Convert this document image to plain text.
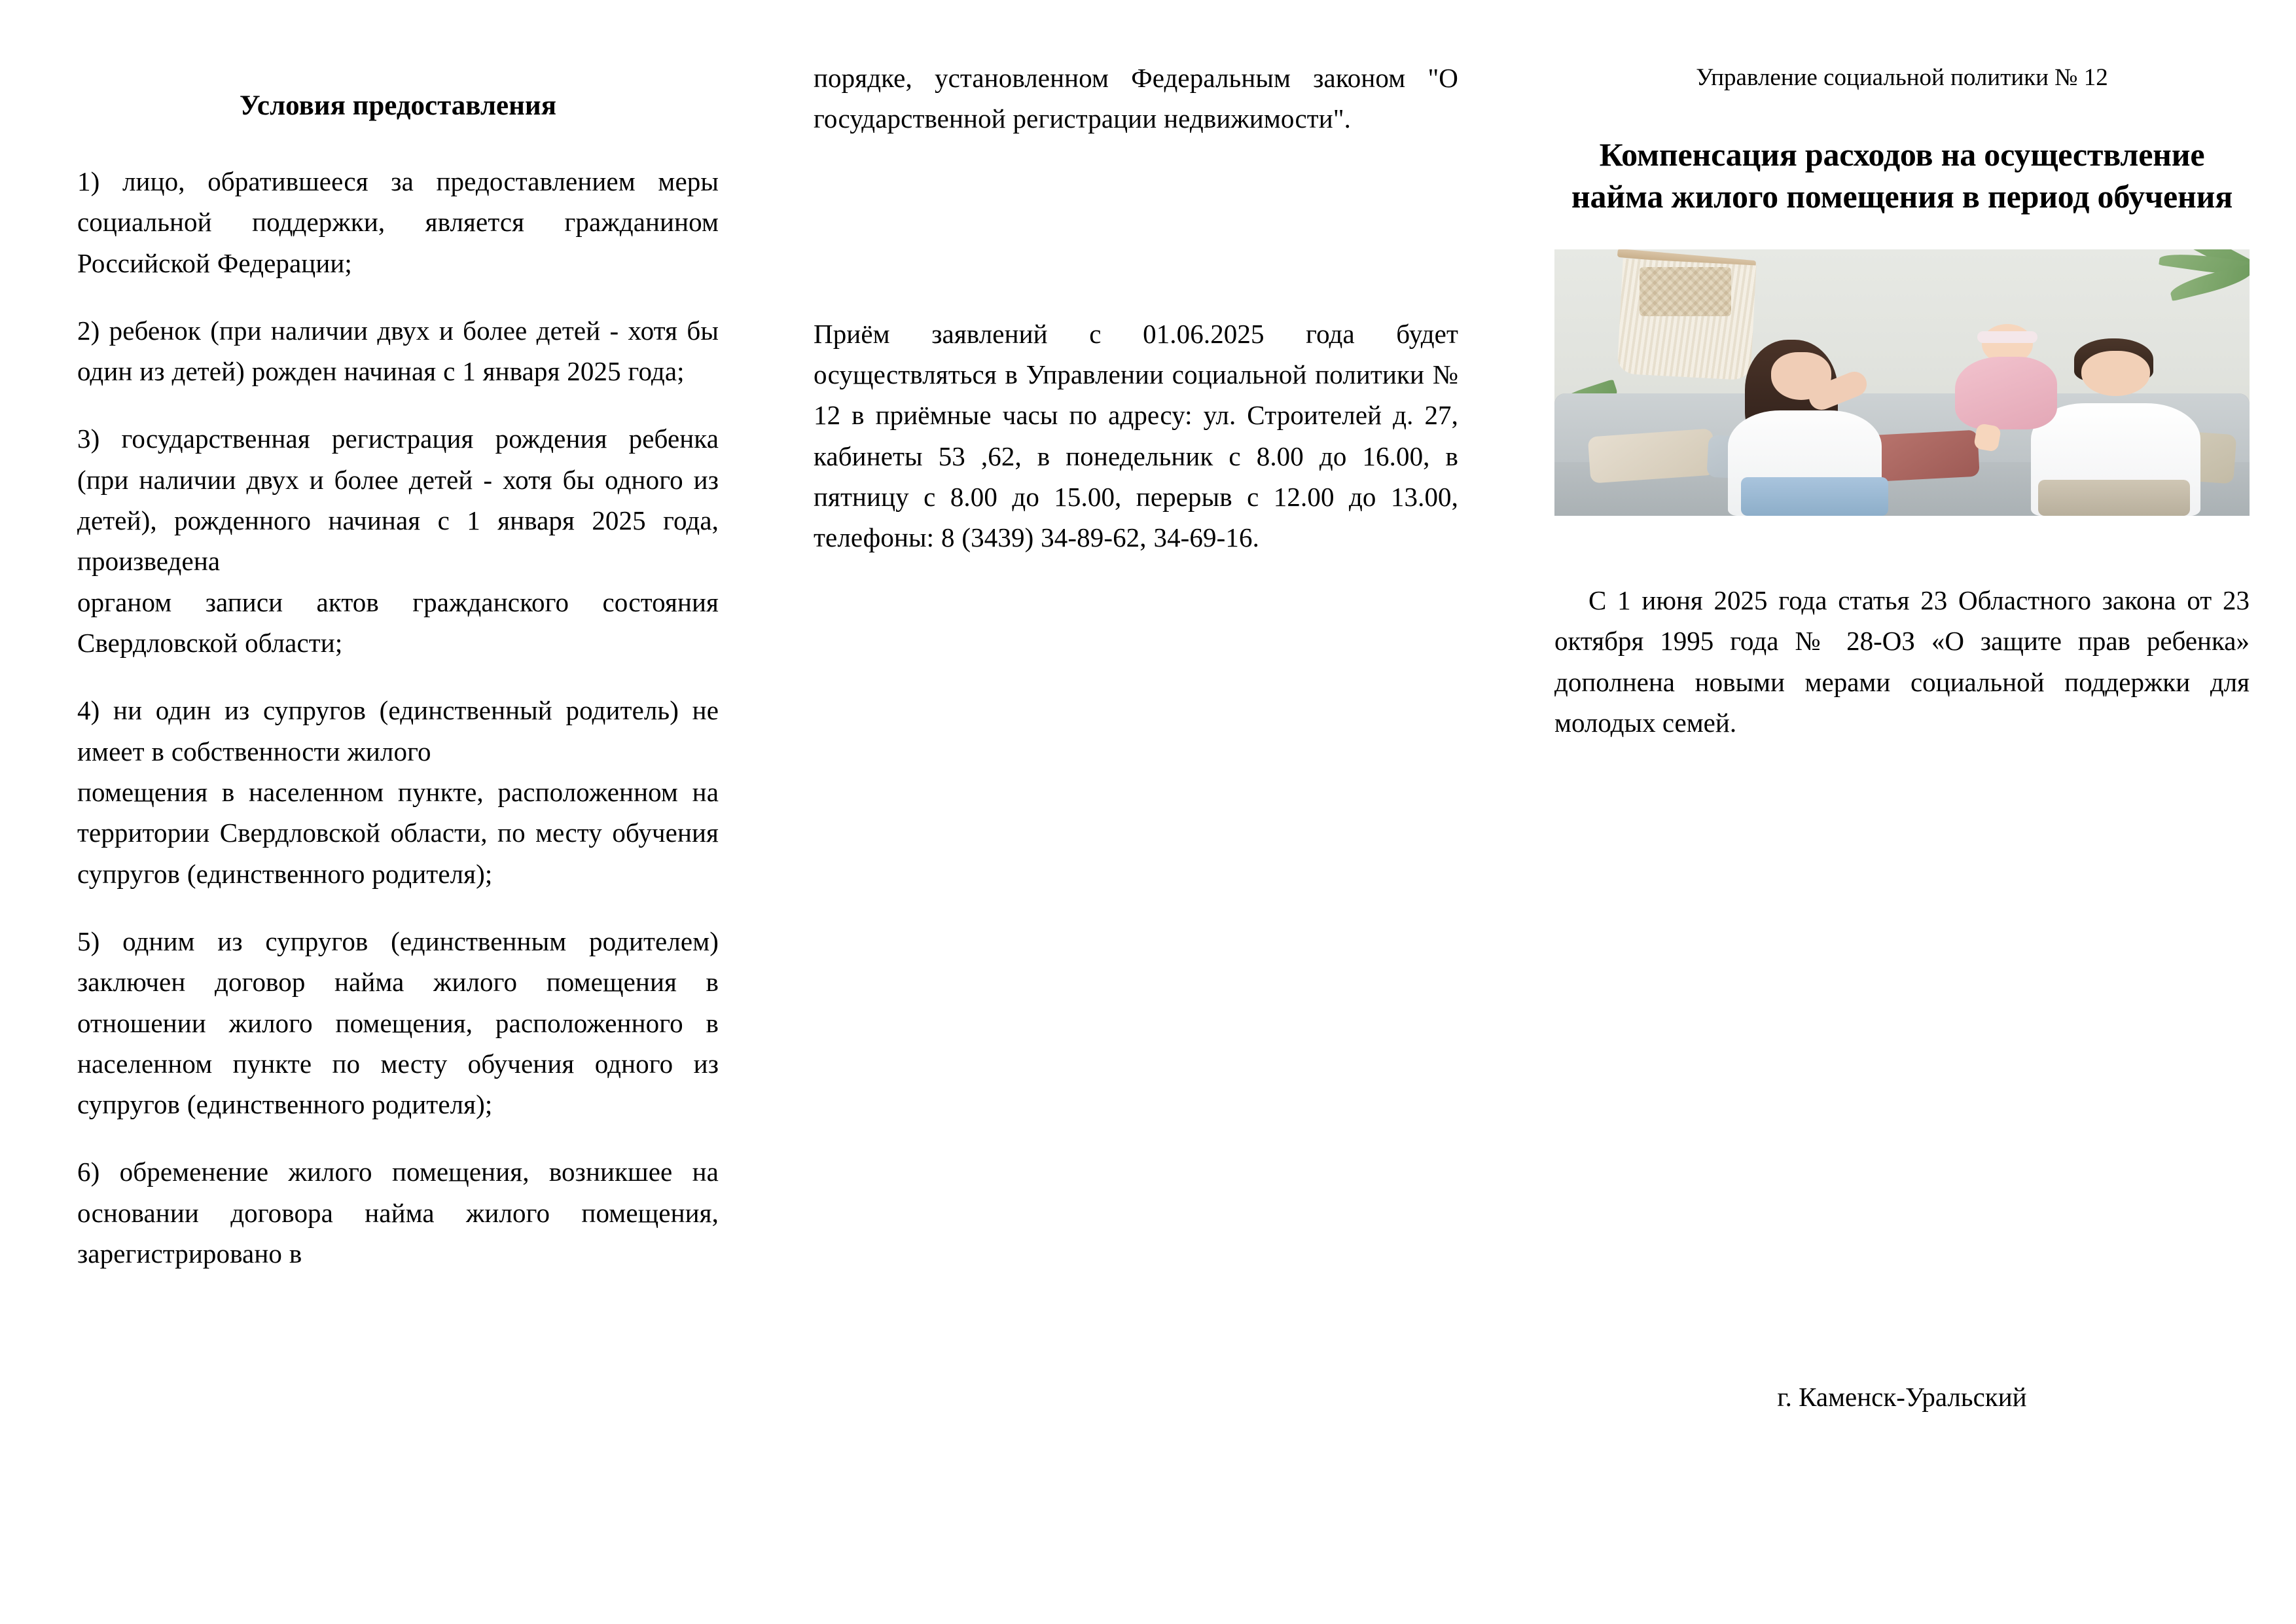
Условия предоставления

1) лицо, обратившееся за предоставлением меры социальной поддержки, является гражданином Российской Федерации;

2) ребенок (при наличии двух и более детей - хотя бы один из детей) рожден начиная с 1 января 2025 года;

3) государственная регистрация рождения ребенка (при наличии двух и более детей - хотя бы одного из детей), рожденного начиная с 1 января 2025 года, произведена

органом записи актов гражданского состояния Свердловской области;

4) ни один из супругов (единственный родитель) не имеет в собственности жилого

помещения в населенном пункте, расположенном на территории Свердловской области, по месту обучения супругов (единственного родителя);

5) одним из супругов (единственным родителем) заключен договор найма жилого помещения в отношении жилого помещения, расположенного в населенном пункте по месту обучения одного из супругов (единственного родителя);

6) обременение жилого помещения, возникшее на основании договора найма жилого помещения, зарегистрировано в

порядке, установленном Федеральным законом "О государственной регистрации недвижимости".

Приём заявлений с 01.06.2025 года будет осуществляться в Управлении социальной политики № 12 в приёмные часы по адресу: ул. Строителей д. 27, кабинеты 53 ,62, в понедельник с 8.00 до 16.00, в пятницу с 8.00 до 15.00, перерыв с 12.00 до 13.00, телефоны: 8 (3439) 34-89-62, 34-69-16.

Управление социальной политики № 12
Компенсация расходов на осуществление найма жилого помещения в период обучения

С 1 июня 2025 года статья 23 Областного закона от 23 октября 1995 года № 28-ОЗ «О защите прав ребенка» дополнена новыми мерами социальной поддержки для молодых семей.

г. Каменск-Уральский
